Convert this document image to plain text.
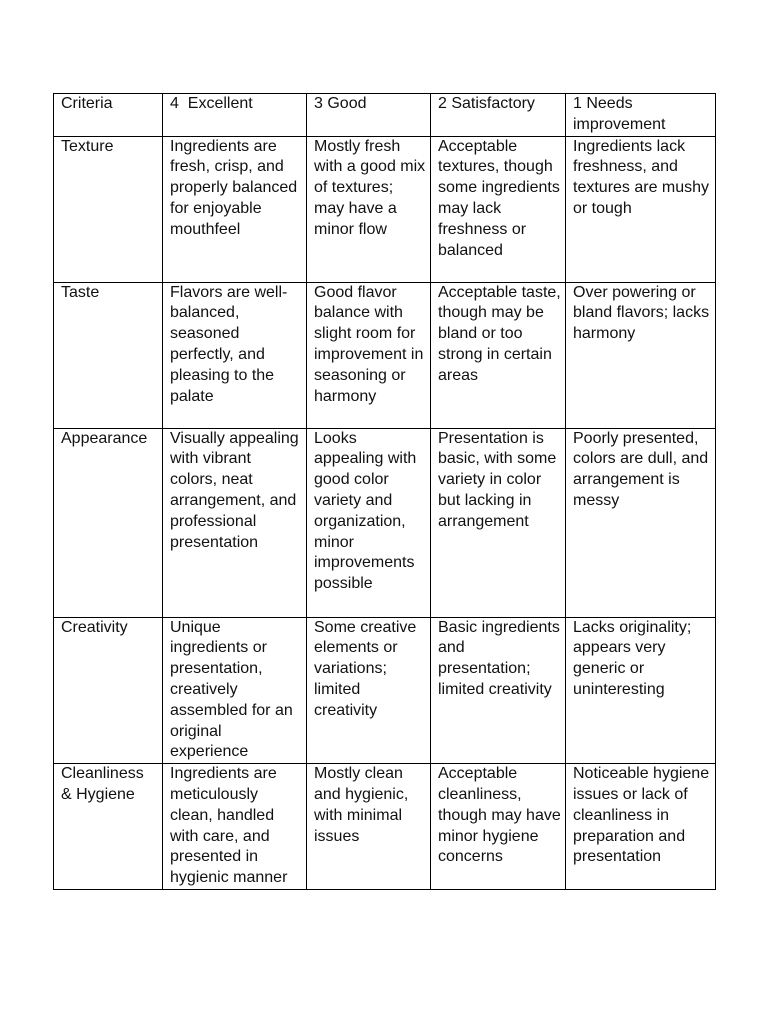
Criteria	4  Excellent	3 Good	2 Satisfactory	1 Needs improvement
Texture	Ingredients are fresh, crisp, and properly balanced for enjoyable mouthfeel	Mostly fresh with a good mix of textures; may have a minor flow	Acceptable textures, though some ingredients may lack freshness or balanced	Ingredients lack freshness, and textures are mushy or tough
Taste	Flavors are well-balanced, seasoned perfectly, and pleasing to the palate	Good flavor balance with slight room for improvement in seasoning or harmony	Acceptable taste, though may be bland or too strong in certain areas	Over powering or bland flavors; lacks harmony
Appearance	Visually appealing with vibrant colors, neat arrangement, and professional presentation	Looks appealing with good color variety and organization, minor improvements possible	Presentation is basic, with some variety in color but lacking in arrangement	Poorly presented, colors are dull, and arrangement is messy
Creativity	Unique ingredients or presentation, creatively assembled for an original experience	Some creative elements or variations; limited creativity	Basic ingredients and presentation; limited creativity	Lacks originality; appears very generic or uninteresting
Cleanliness & Hygiene	Ingredients are meticulously clean, handled with care, and presented in hygienic manner	Mostly clean and hygienic, with minimal issues	Acceptable cleanliness, though may have minor hygiene concerns	Noticeable hygiene issues or lack of cleanliness in preparation and presentation
